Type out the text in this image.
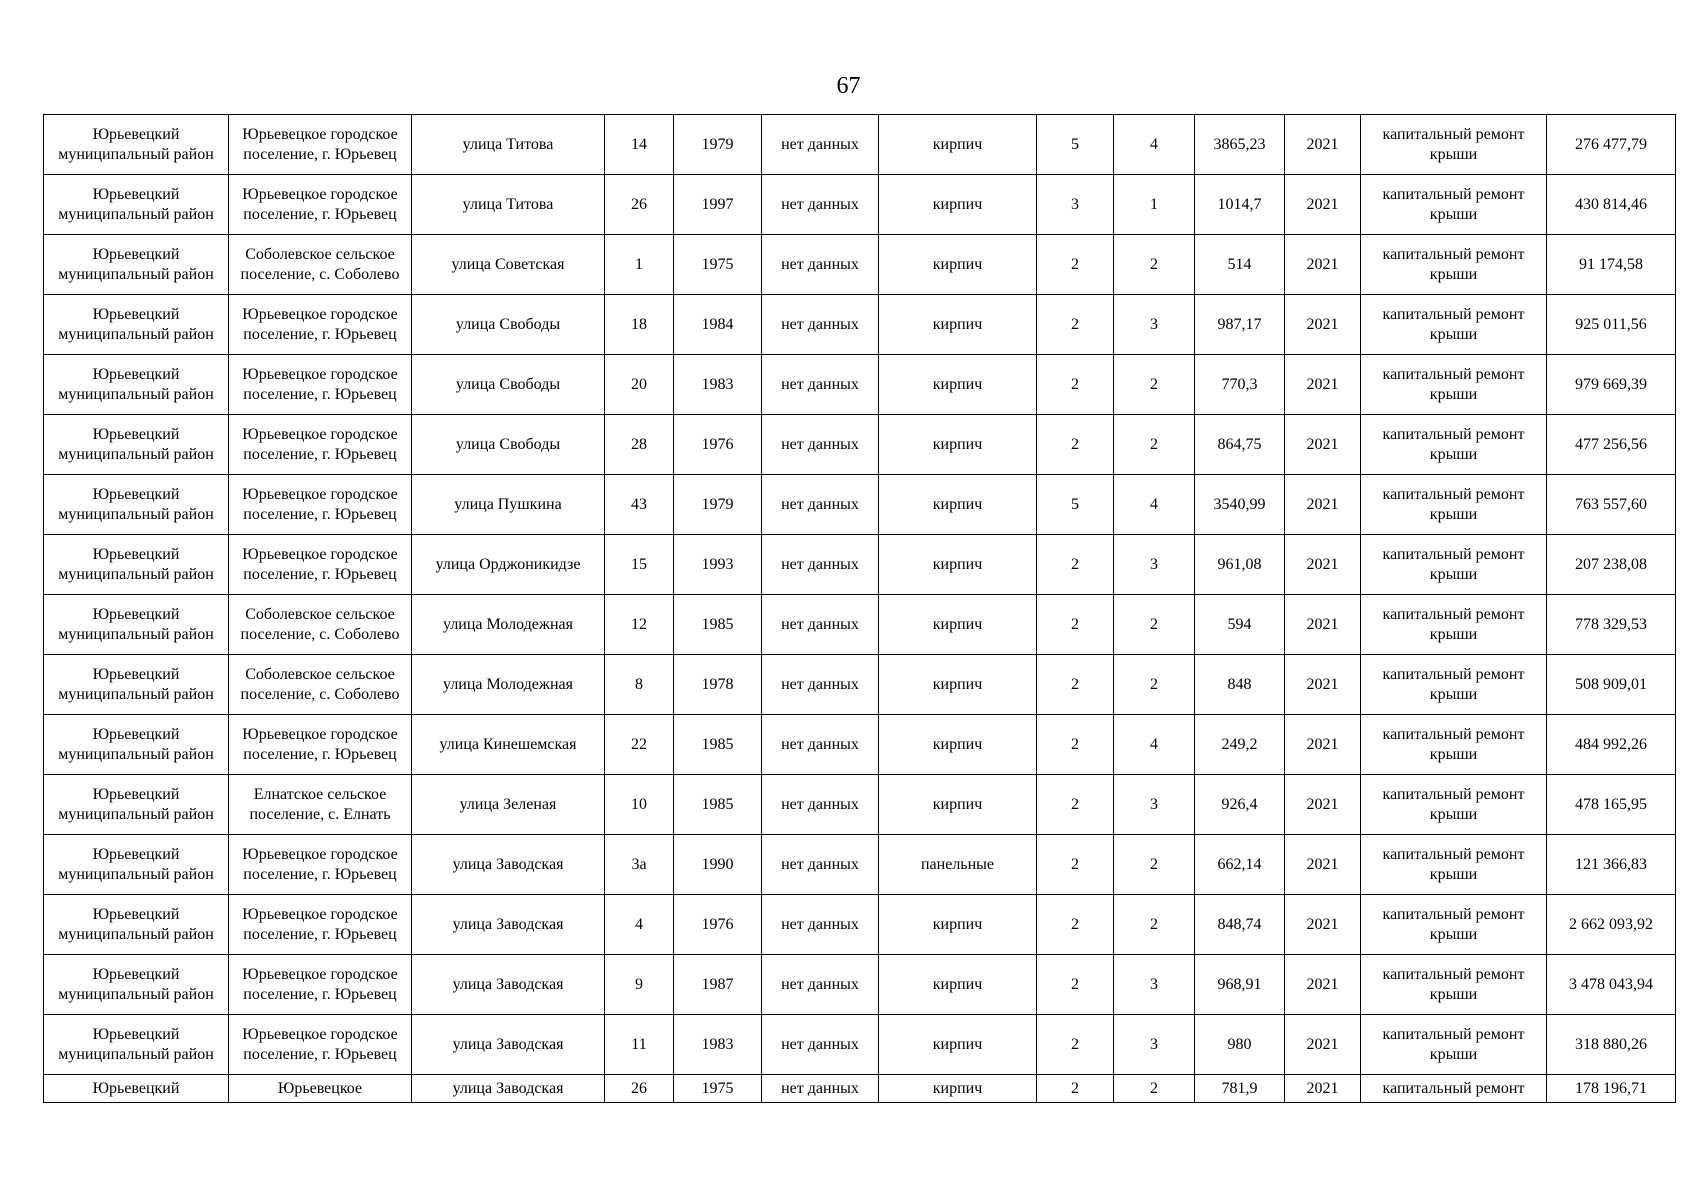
67
Юрьевецкий муниципальный район	Юрьевецкое городское поселение, г. Юрьевец	улица Титова	14	1979	нет данных	кирпич	5	4	3865,23	2021	капитальный ремонт крыши	276 477,79
Юрьевецкий муниципальный район	Юрьевецкое городское поселение, г. Юрьевец	улица Титова	26	1997	нет данных	кирпич	3	1	1014,7	2021	капитальный ремонт крыши	430 814,46
Юрьевецкий муниципальный район	Соболевское сельское поселение, с. Соболево	улица Советская	1	1975	нет данных	кирпич	2	2	514	2021	капитальный ремонт крыши	91 174,58
Юрьевецкий муниципальный район	Юрьевецкое городское поселение, г. Юрьевец	улица Свободы	18	1984	нет данных	кирпич	2	3	987,17	2021	капитальный ремонт крыши	925 011,56
Юрьевецкий муниципальный район	Юрьевецкое городское поселение, г. Юрьевец	улица Свободы	20	1983	нет данных	кирпич	2	2	770,3	2021	капитальный ремонт крыши	979 669,39
Юрьевецкий муниципальный район	Юрьевецкое городское поселение, г. Юрьевец	улица Свободы	28	1976	нет данных	кирпич	2	2	864,75	2021	капитальный ремонт крыши	477 256,56
Юрьевецкий муниципальный район	Юрьевецкое городское поселение, г. Юрьевец	улица Пушкина	43	1979	нет данных	кирпич	5	4	3540,99	2021	капитальный ремонт крыши	763 557,60
Юрьевецкий муниципальный район	Юрьевецкое городское поселение, г. Юрьевец	улица Орджоникидзе	15	1993	нет данных	кирпич	2	3	961,08	2021	капитальный ремонт крыши	207 238,08
Юрьевецкий муниципальный район	Соболевское сельское поселение, с. Соболево	улица Молодежная	12	1985	нет данных	кирпич	2	2	594	2021	капитальный ремонт крыши	778 329,53
Юрьевецкий муниципальный район	Соболевское сельское поселение, с. Соболево	улица Молодежная	8	1978	нет данных	кирпич	2	2	848	2021	капитальный ремонт крыши	508 909,01
Юрьевецкий муниципальный район	Юрьевецкое городское поселение, г. Юрьевец	улица Кинешемская	22	1985	нет данных	кирпич	2	4	249,2	2021	капитальный ремонт крыши	484 992,26
Юрьевецкий муниципальный район	Елнатское сельское поселение, с. Елнать	улица Зеленая	10	1985	нет данных	кирпич	2	3	926,4	2021	капитальный ремонт крыши	478 165,95
Юрьевецкий муниципальный район	Юрьевецкое городское поселение, г. Юрьевец	улица Заводская	3а	1990	нет данных	панельные	2	2	662,14	2021	капитальный ремонт крыши	121 366,83
Юрьевецкий муниципальный район	Юрьевецкое городское поселение, г. Юрьевец	улица Заводская	4	1976	нет данных	кирпич	2	2	848,74	2021	капитальный ремонт крыши	2 662 093,92
Юрьевецкий муниципальный район	Юрьевецкое городское поселение, г. Юрьевец	улица Заводская	9	1987	нет данных	кирпич	2	3	968,91	2021	капитальный ремонт крыши	3 478 043,94
Юрьевецкий муниципальный район	Юрьевецкое городское поселение, г. Юрьевец	улица Заводская	11	1983	нет данных	кирпич	2	3	980	2021	капитальный ремонт крыши	318 880,26
Юрьевецкий	Юрьевецкое	улица Заводская	26	1975	нет данных	кирпич	2	2	781,9	2021	капитальный ремонт	178 196,71
